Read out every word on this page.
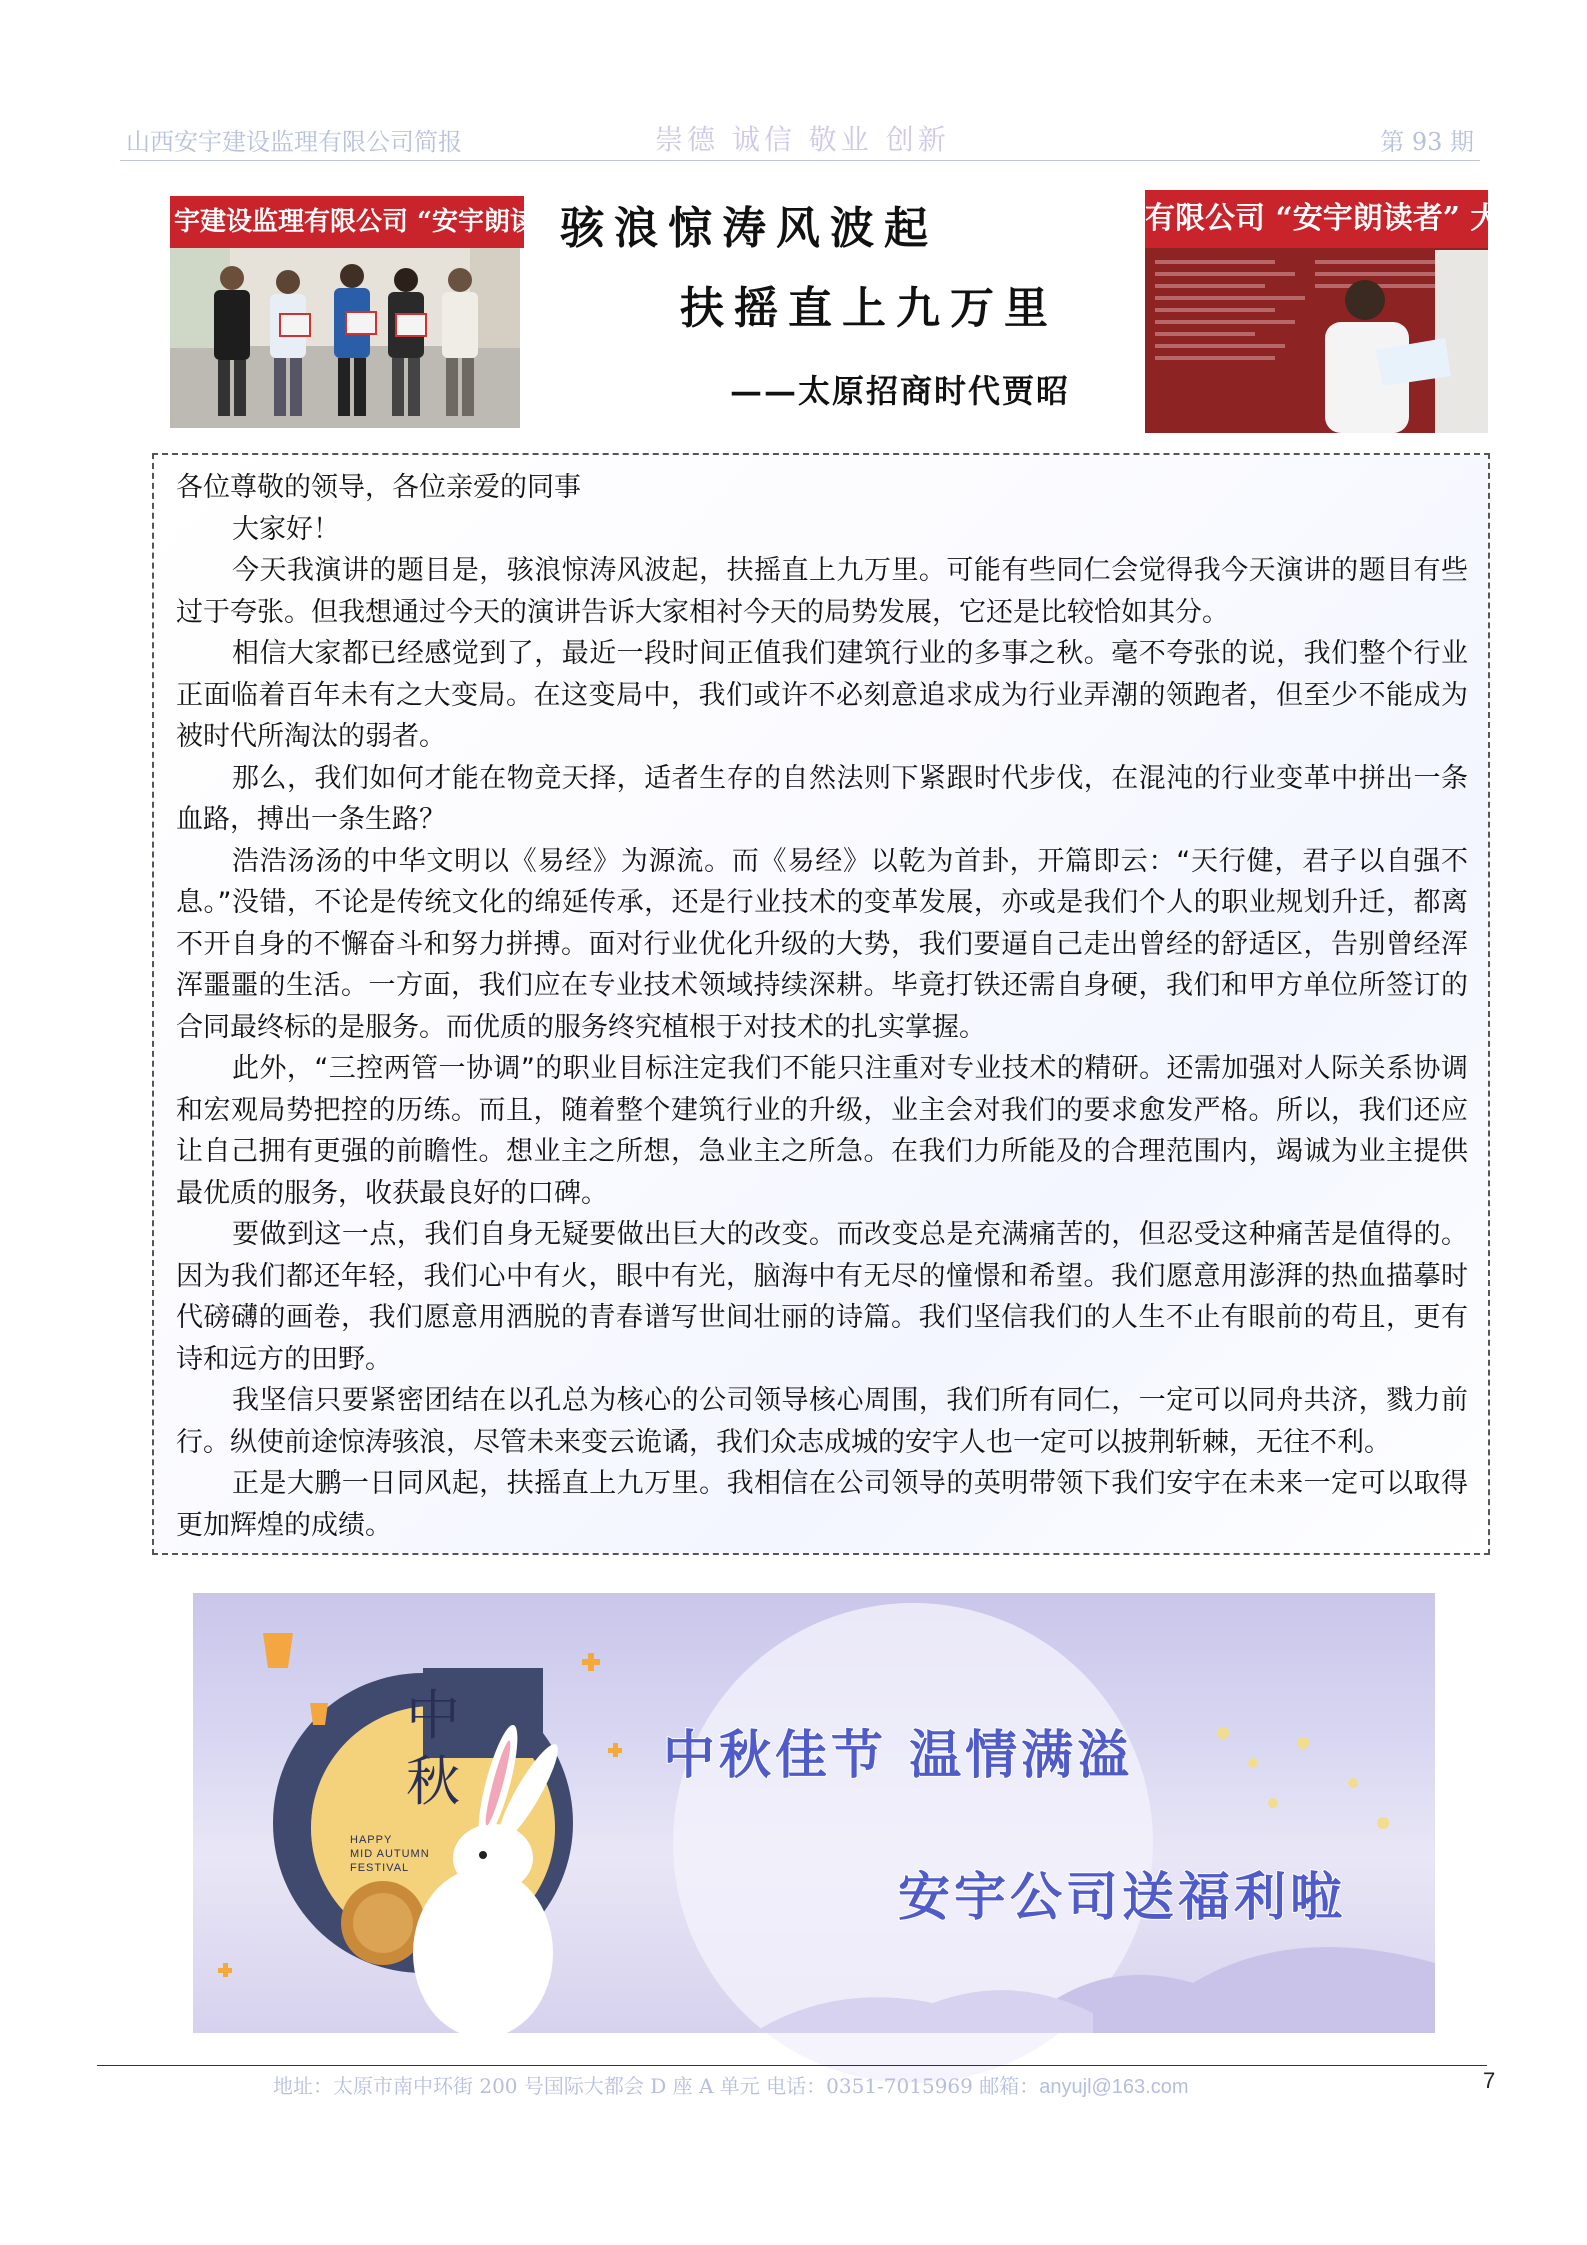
山西安宇建设监理有限公司简报	崇德 诚信 敬业 创新	第 93 期
宇建设监理有限公司 “安宇朗读者” 大赛	有限公司 “安宇朗读者” 大赛
骇浪惊涛风波起
扶摇直上九万里
——太原招商时代贾昭

各位尊敬的领导，各位亲爱的同事

大家好！

今天我演讲的题目是，骇浪惊涛风波起，扶摇直上九万里。可能有些同仁会觉得我今天演讲的题目有些过于夸张。但我想通过今天的演讲告诉大家相衬今天的局势发展，它还是比较恰如其分。

相信大家都已经感觉到了，最近一段时间正值我们建筑行业的多事之秋。毫不夸张的说，我们整个行业正面临着百年未有之大变局。在这变局中，我们或许不必刻意追求成为行业弄潮的领跑者，但至少不能成为被时代所淘汰的弱者。

那么，我们如何才能在物竞天择，适者生存的自然法则下紧跟时代步伐，在混沌的行业变革中拼出一条血路，搏出一条生路？

浩浩汤汤的中华文明以《易经》为源流。而《易经》以乾为首卦，开篇即云：“天行健，君子以自强不息。”没错，不论是传统文化的绵延传承，还是行业技术的变革发展，亦或是我们个人的职业规划升迁，都离不开自身的不懈奋斗和努力拼搏。面对行业优化升级的大势，我们要逼自己走出曾经的舒适区，告别曾经浑浑噩噩的生活。一方面，我们应在专业技术领域持续深耕。毕竟打铁还需自身硬，我们和甲方单位所签订的合同最终标的是服务。而优质的服务终究植根于对技术的扎实掌握。

此外，“三控两管一协调”的职业目标注定我们不能只注重对专业技术的精研。还需加强对人际关系协调和宏观局势把控的历练。而且，随着整个建筑行业的升级，业主会对我们的要求愈发严格。所以，我们还应让自己拥有更强的前瞻性。想业主之所想，急业主之所急。在我们力所能及的合理范围内，竭诚为业主提供最优质的服务，收获最良好的口碑。

要做到这一点，我们自身无疑要做出巨大的改变。而改变总是充满痛苦的，但忍受这种痛苦是值得的。因为我们都还年轻，我们心中有火，眼中有光，脑海中有无尽的憧憬和希望。我们愿意用澎湃的热血描摹时代磅礴的画卷，我们愿意用洒脱的青春谱写世间壮丽的诗篇。我们坚信我们的人生不止有眼前的苟且，更有诗和远方的田野。

我坚信只要紧密团结在以孔总为核心的公司领导核心周围，我们所有同仁，一定可以同舟共济，戮力前行。纵使前途惊涛骇浪，尽管未来变云诡谲，我们众志成城的安宇人也一定可以披荆斩棘，无往不利。

正是大鹏一日同风起，扶摇直上九万里。我相信在公司领导的英明带领下我们安宇在未来一定可以取得更加辉煌的成绩。

中
秋
HAPPY
MID AUTUMN
FESTIVAL
中秋佳节 温情满溢
安宇公司送福利啦
地址：太原市南中环街 200 号国际大都会 D 座 A 单元 电话：0351-7015969 邮箱：anyujl@163.com	7
